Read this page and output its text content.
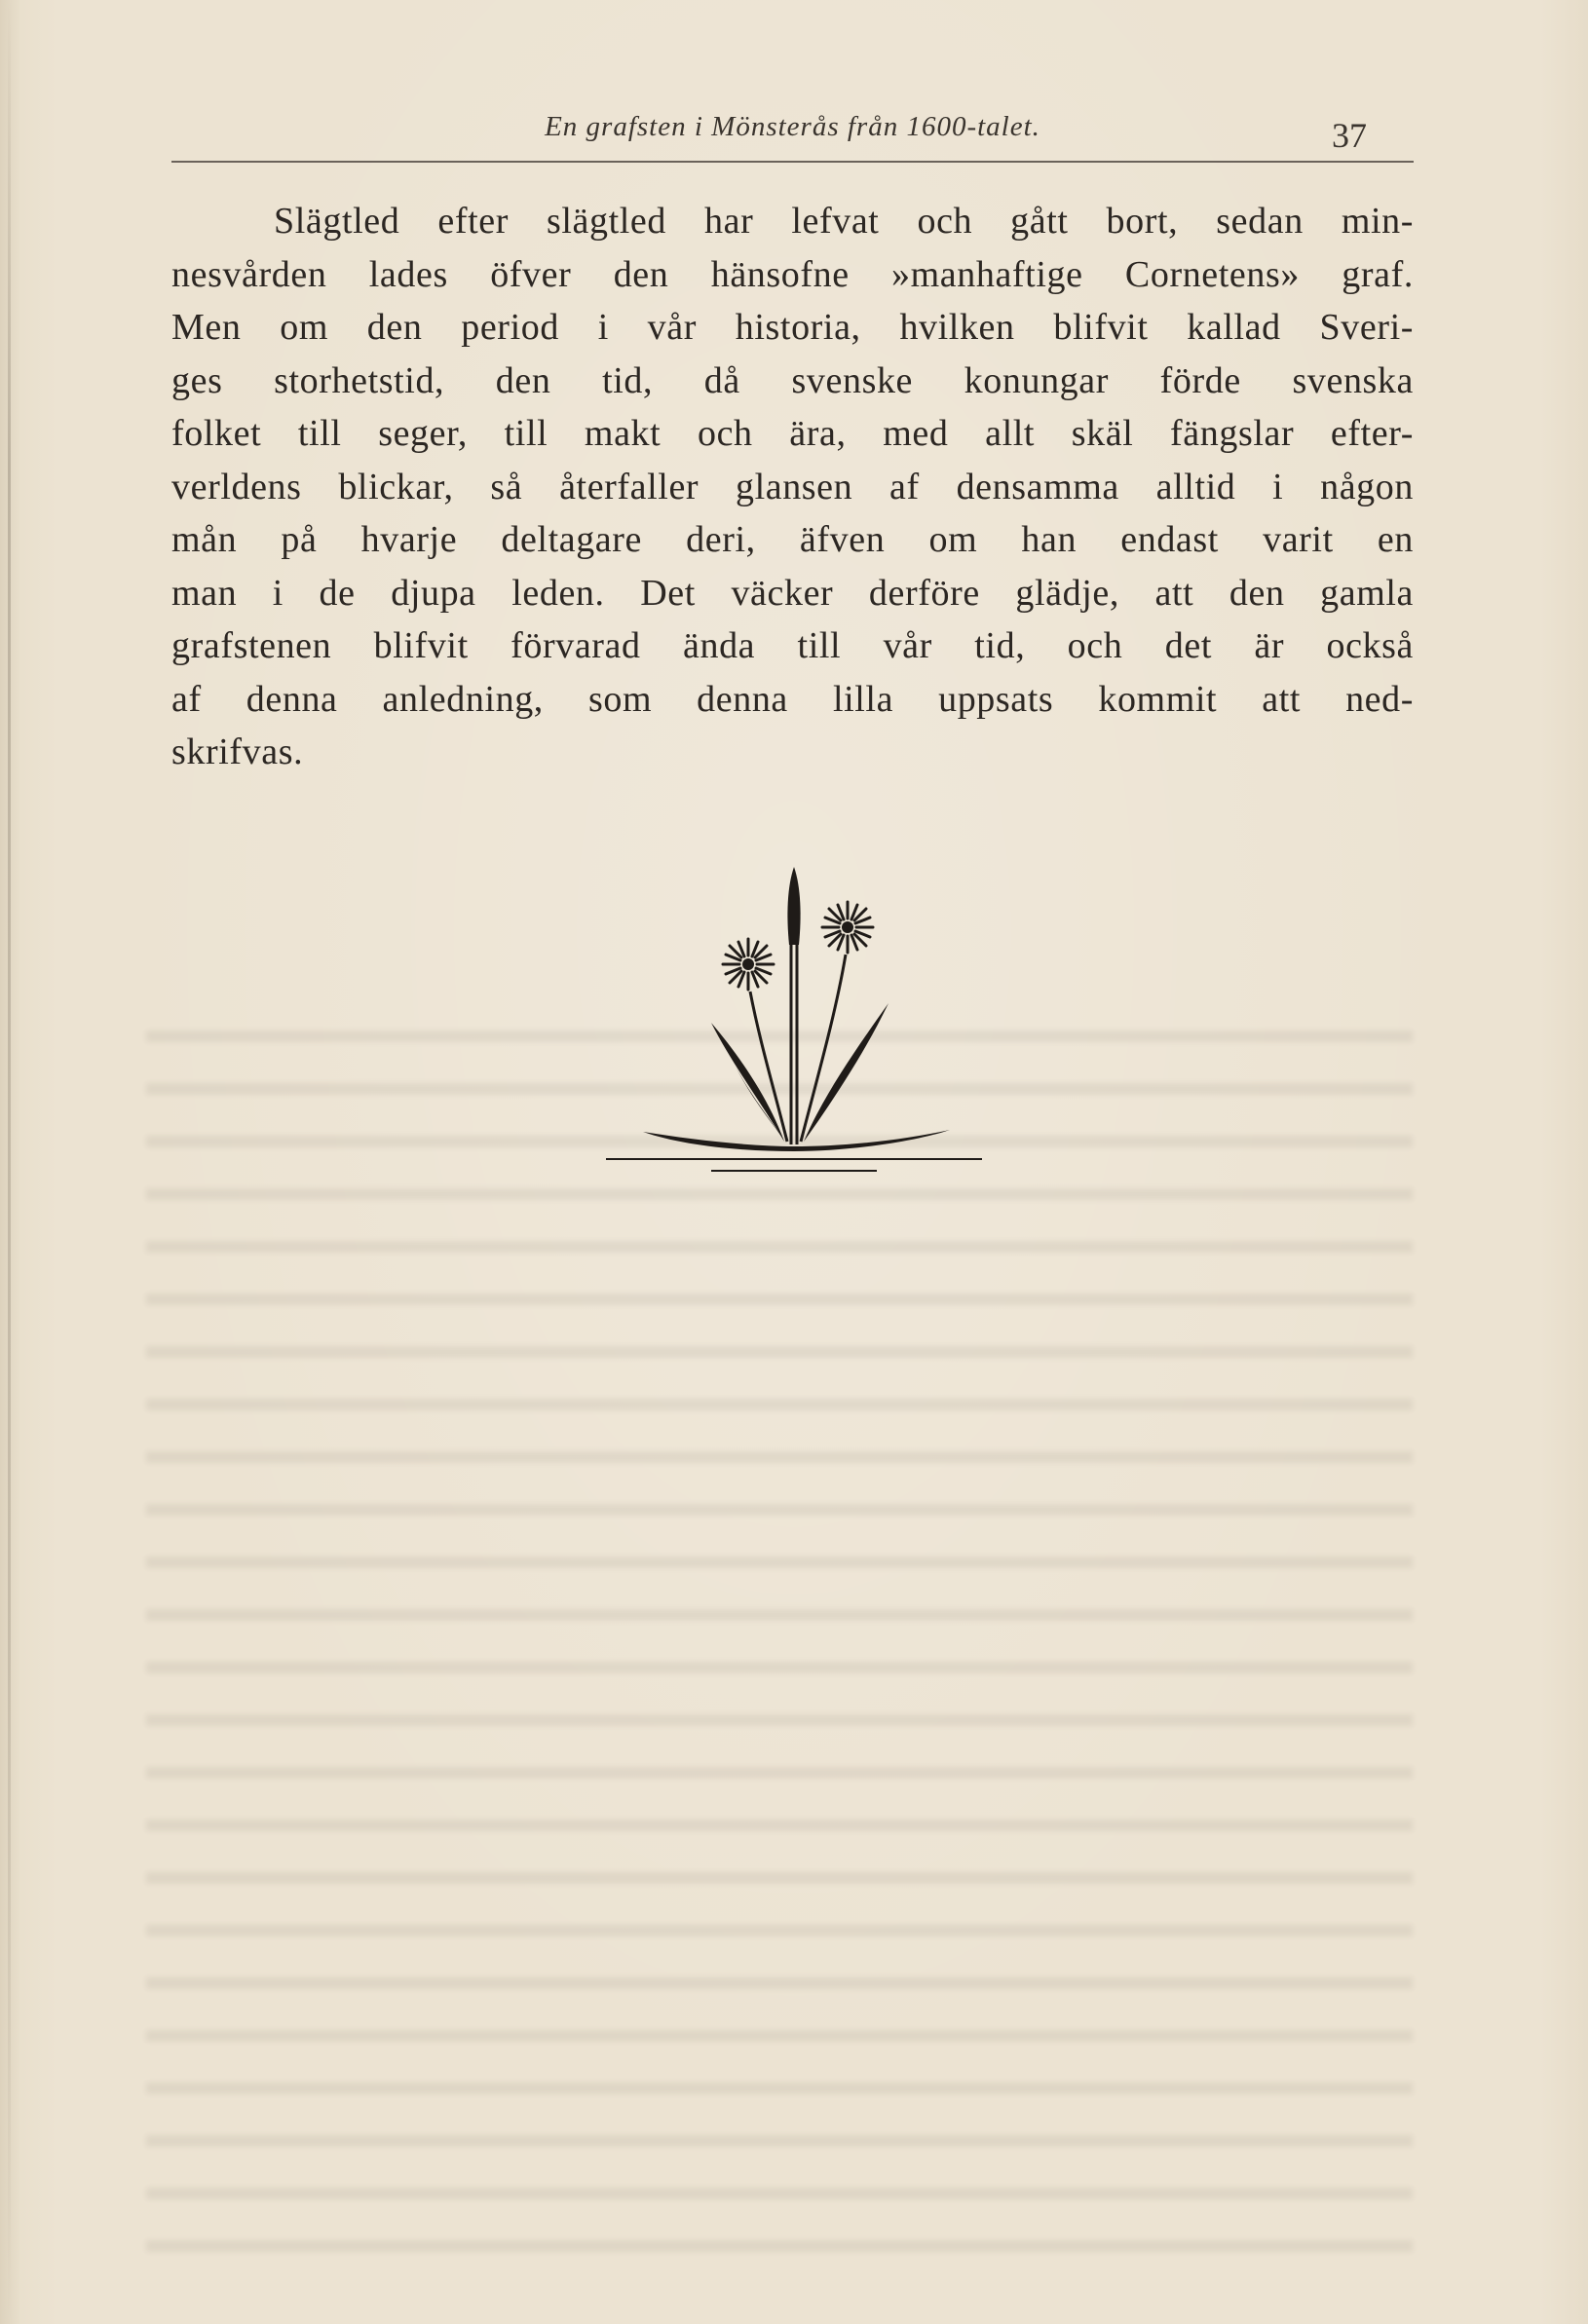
En grafsten i Mönsterås från 1600-talet.	37
Slägtled efter slägtled har lefvat och gått bort, sedan min-
nesvården lades öfver den hänsofne »manhaftige Cornetens» graf.
Men om den period i vår historia, hvilken blifvit kallad Sveri-
ges storhetstid, den tid, då svenske konungar förde svenska
folket till seger, till makt och ära, med allt skäl fängslar efter-
verldens blickar, så återfaller glansen af densamma alltid i någon
mån på hvarje deltagare deri, äfven om han endast varit en
man i de djupa leden. Det väcker derföre glädje, att den gamla
grafstenen blifvit förvarad ända till vår tid, och det är också
af denna anledning, som denna lilla uppsats kommit att ned-
skrifvas.
